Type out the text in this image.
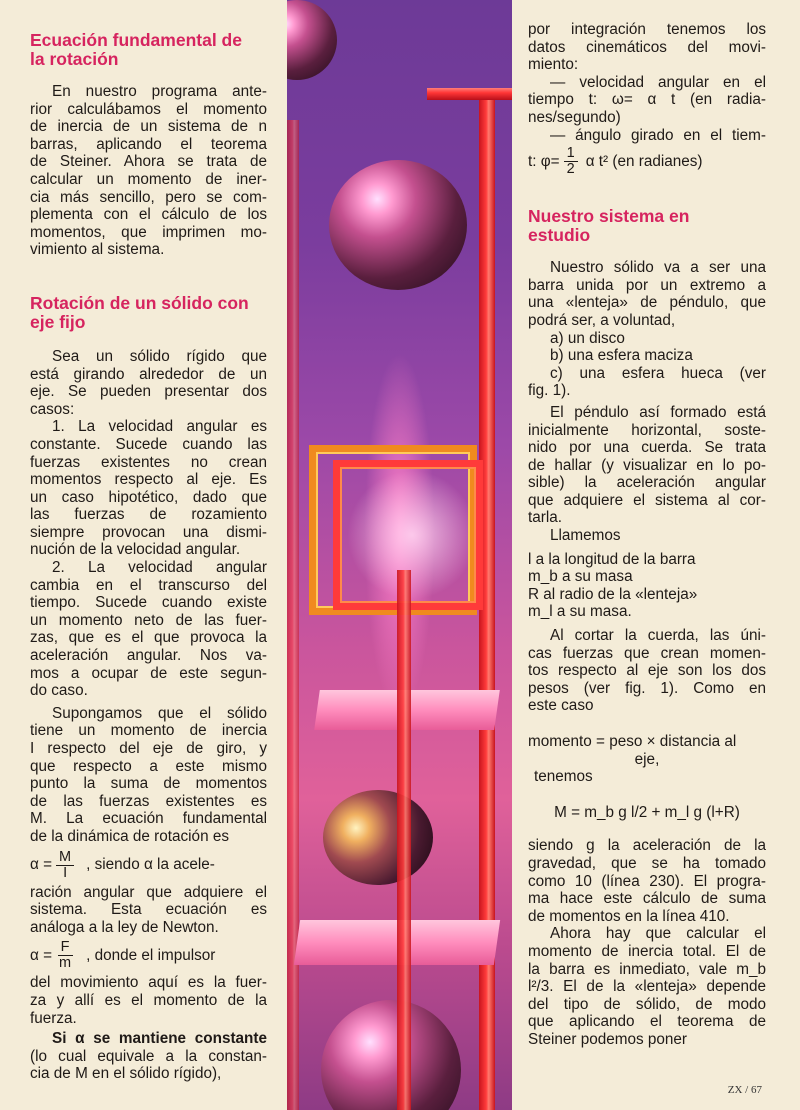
Ecuación fundamental de
la rotación
En nuestro programa ante-
rior calculábamos el momento
de inercia de un sistema de n
barras, aplicando el teorema
de Steiner. Ahora se trata de
calcular un momento de iner-
cia más sencillo, pero se com-
plementa con el cálculo de los
momentos, que imprimen mo-
vimiento al sistema.
Rotación de un sólido con
eje fijo
Sea un sólido rígido que
está girando alrededor de un
eje. Se pueden presentar dos
casos:
1. La velocidad angular es
constante. Sucede cuando las
fuerzas existentes no crean
momentos respecto al eje. Es
un caso hipotético, dado que
las fuerzas de rozamiento
siempre provocan una dismi-
nución de la velocidad angular.
2. La velocidad angular
cambia en el transcurso del
tiempo. Sucede cuando existe
un momento neto de las fuer-
zas, que es el que provoca la
aceleración angular. Nos va-
mos a ocupar de este segun-
do caso.
Supongamos que el sólido
tiene un momento de inercia
I respecto del eje de giro, y
que respecto a este mismo
punto la suma de momentos
de las fuerzas existentes es
M. La ecuación fundamental
de la dinámica de rotación es
$\alpha = \frac{M}{I}$ , siendo α la acele-
ración angular que adquiere el
sistema. Esta ecuación es
análoga a la ley de Newton.
$\alpha = \frac{F}{m}$ , donde el impulsor
del movimiento aquí es la fuer-
za y allí es el momento de la
fuerza.
Si α se mantiene constante
(lo cual equivale a la constan-
cia de M en el sólido rígido),
por integración tenemos los
datos cinemáticos del movi-
miento:
— velocidad angular en el
tiempo t: ω= α t (en radia-
nes/segundo)
— ángulo girado en el tiem-
t: $\varphi= \frac{1}{2}$ α t² (en radianes)
Nuestro sistema en
estudio
Nuestro sólido va a ser una
barra unida por un extremo a
una «lenteja» de péndulo, que
podrá ser, a voluntad,
a) un disco
b) una esfera maciza
c) una esfera hueca (ver
fig. 1).
El péndulo así formado está
inicialmente horizontal, soste-
nido por una cuerda. Se trata
de hallar (y visualizar en lo po-
sible) la aceleración angular
que adquiere el sistema al cor-
tarla.
Llamemos
l a la longitud de la barra
m_b a su masa
R al radio de la «lenteja»
m_l a su masa.
Al cortar la cuerda, las úni-
cas fuerzas que crean momen-
tos respecto al eje son los dos
pesos (ver fig. 1). Como en
este caso
momento = peso × distancia al
eje,
tenemos
M = m_b g l/2 + m_l g (l+R)
siendo g la aceleración de la
gravedad, que se ha tomado
como 10 (línea 230). El progra-
ma hace este cálculo de suma
de momentos en la línea 410.
Ahora hay que calcular el
momento de inercia total. El de
la barra es inmediato, vale m_b
l²/3. El de la «lenteja» depende
del tipo de sólido, de modo
que aplicando el teorema de
Steiner podemos poner
ZX / 67
